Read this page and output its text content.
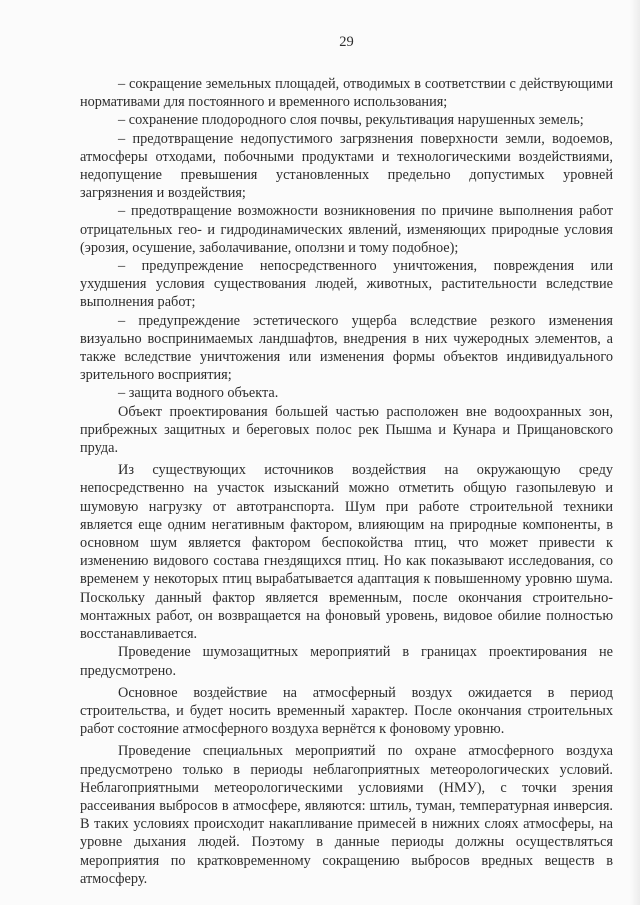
29

– сокращение земельных площадей, отводимых в соответствии с действующими нормативами для постоянного и временного использования;

– сохранение плодородного слоя почвы, рекультивация нарушенных земель;

– предотвращение недопустимого загрязнения поверхности земли, водоемов, атмосферы отходами, побочными продуктами и технологическими воздействиями, недопущение превышения установленных предельно допустимых уровней загрязнения и воздействия;

– предотвращение возможности возникновения по причине выполнения работ отрицательных гео- и гидродинамических явлений, изменяющих природные условия (эрозия, осушение, заболачивание, оползни и тому подобное);

– предупреждение непосредственного уничтожения, повреждения или ухудшения условия существования людей, животных, растительности вследствие выполнения работ;

– предупреждение эстетического ущерба вследствие резкого изменения визуально воспринимаемых ландшафтов, внедрения в них чужеродных элементов, а также вследствие уничтожения или изменения формы объектов индивидуального зрительного восприятия;

– защита водного объекта.

Объект проектирования большей частью расположен вне водоохранных зон, прибрежных защитных и береговых полос рек Пышма и Кунара и Прищановского пруда.

Из существующих источников воздействия на окружающую среду непосредственно на участок изысканий можно отметить общую газопылевую и шумовую нагрузку от автотранспорта. Шум при работе строительной техники является еще одним негативным фактором, влияющим на природные компоненты, в основном шум является фактором беспокойства птиц, что может привести к изменению видового состава гнездящихся птиц. Но как показывают исследования, со временем у некоторых птиц вырабатывается адаптация к повышенному уровню шума. Поскольку данный фактор является временным, после окончания строительно-монтажных работ, он возвращается на фоновый уровень, видовое обилие полностью восстанавливается.

Проведение шумозащитных мероприятий в границах проектирования не предусмотрено.

Основное воздействие на атмосферный воздух ожидается в период строительства, и будет носить временный характер. После окончания строительных работ состояние атмосферного воздуха вернётся к фоновому уровню.

Проведение специальных мероприятий по охране атмосферного воздуха предусмотрено только в периоды неблагоприятных метеорологических условий. Неблагоприятными метеорологическими условиями (НМУ), с точки зрения рассеивания выбросов в атмосфере, являются: штиль, туман, температурная инверсия. В таких условиях происходит накапливание примесей в нижних слоях атмосферы, на уровне дыхания людей. Поэтому в данные периоды должны осуществляться мероприятия по кратковременному сокращению выбросов вредных веществ в атмосферу.
